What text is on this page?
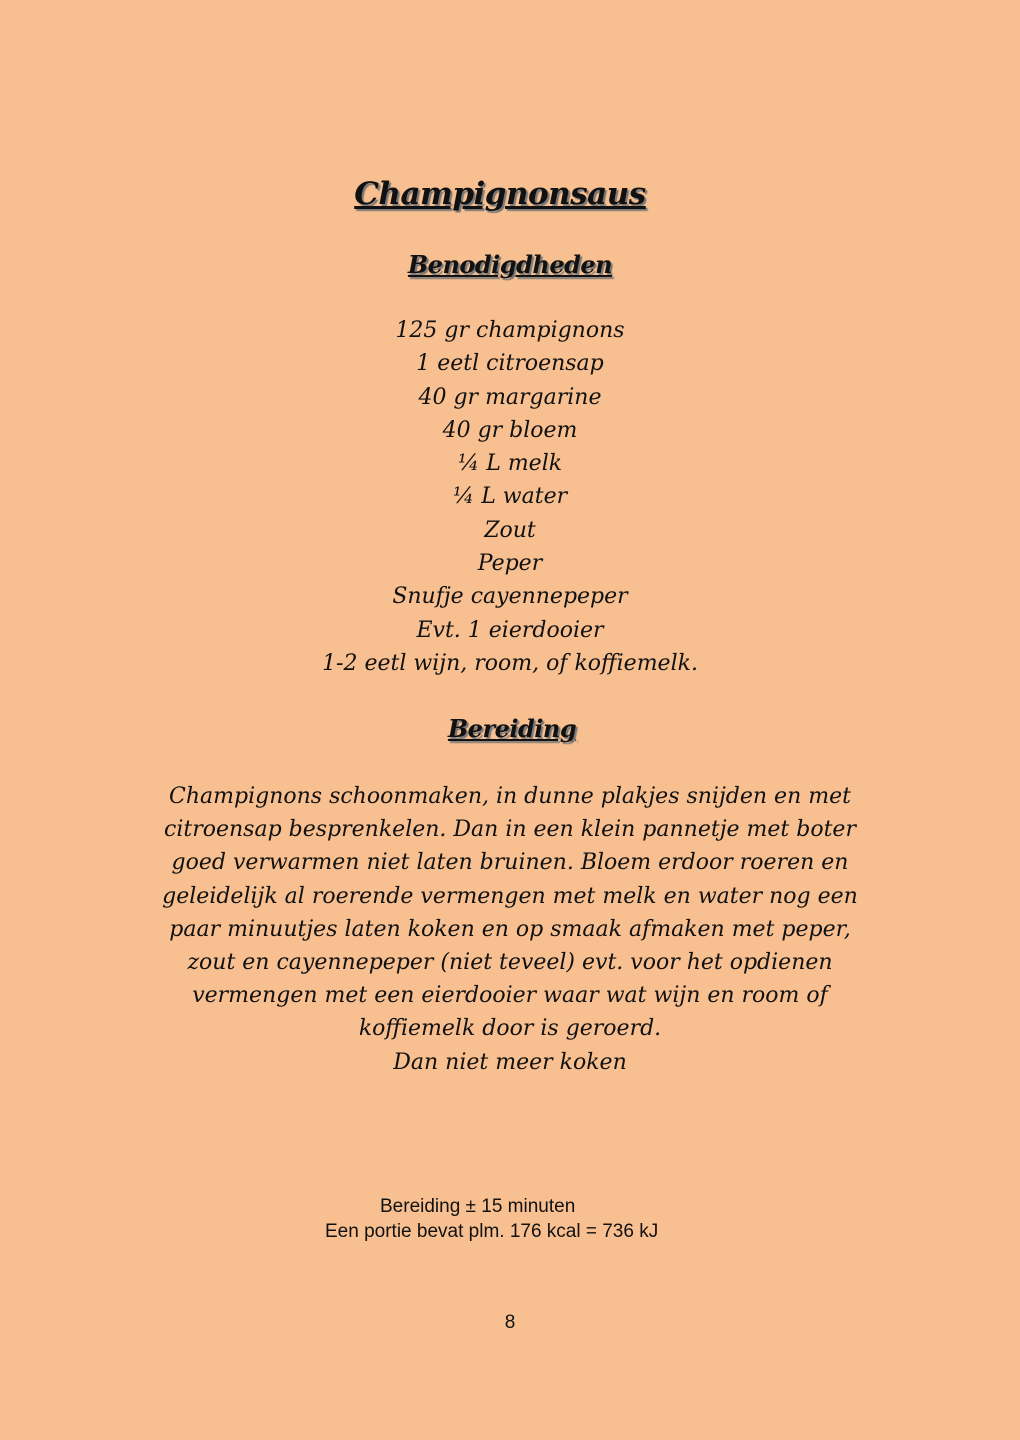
Champignonsaus
Benodigdheden
125 gr champignons
1 eetl citroensap
40 gr margarine
40 gr bloem
¼ L melk
¼ L water
Zout
Peper
Snufje cayennepeper
Evt. 1 eierdooier
1-2 eetl wijn, room, of koffiemelk.
Bereiding

Champignons schoonmaken, in dunne plakjes snijden en met
citroensap besprenkelen. Dan in een klein pannetje met boter
goed verwarmen niet laten bruinen. Bloem erdoor roeren en
geleidelijk al roerende vermengen met melk en water nog een
paar minuutjes laten koken en op smaak afmaken met peper,
zout en cayennepeper (niet teveel) evt. voor het opdienen
vermengen met een eierdooier waar wat wijn en room of
koffiemelk door is geroerd.
Dan niet meer koken

Bereiding ± 15 minuten
Een portie bevat plm. 176 kcal = 736 kJ
8
